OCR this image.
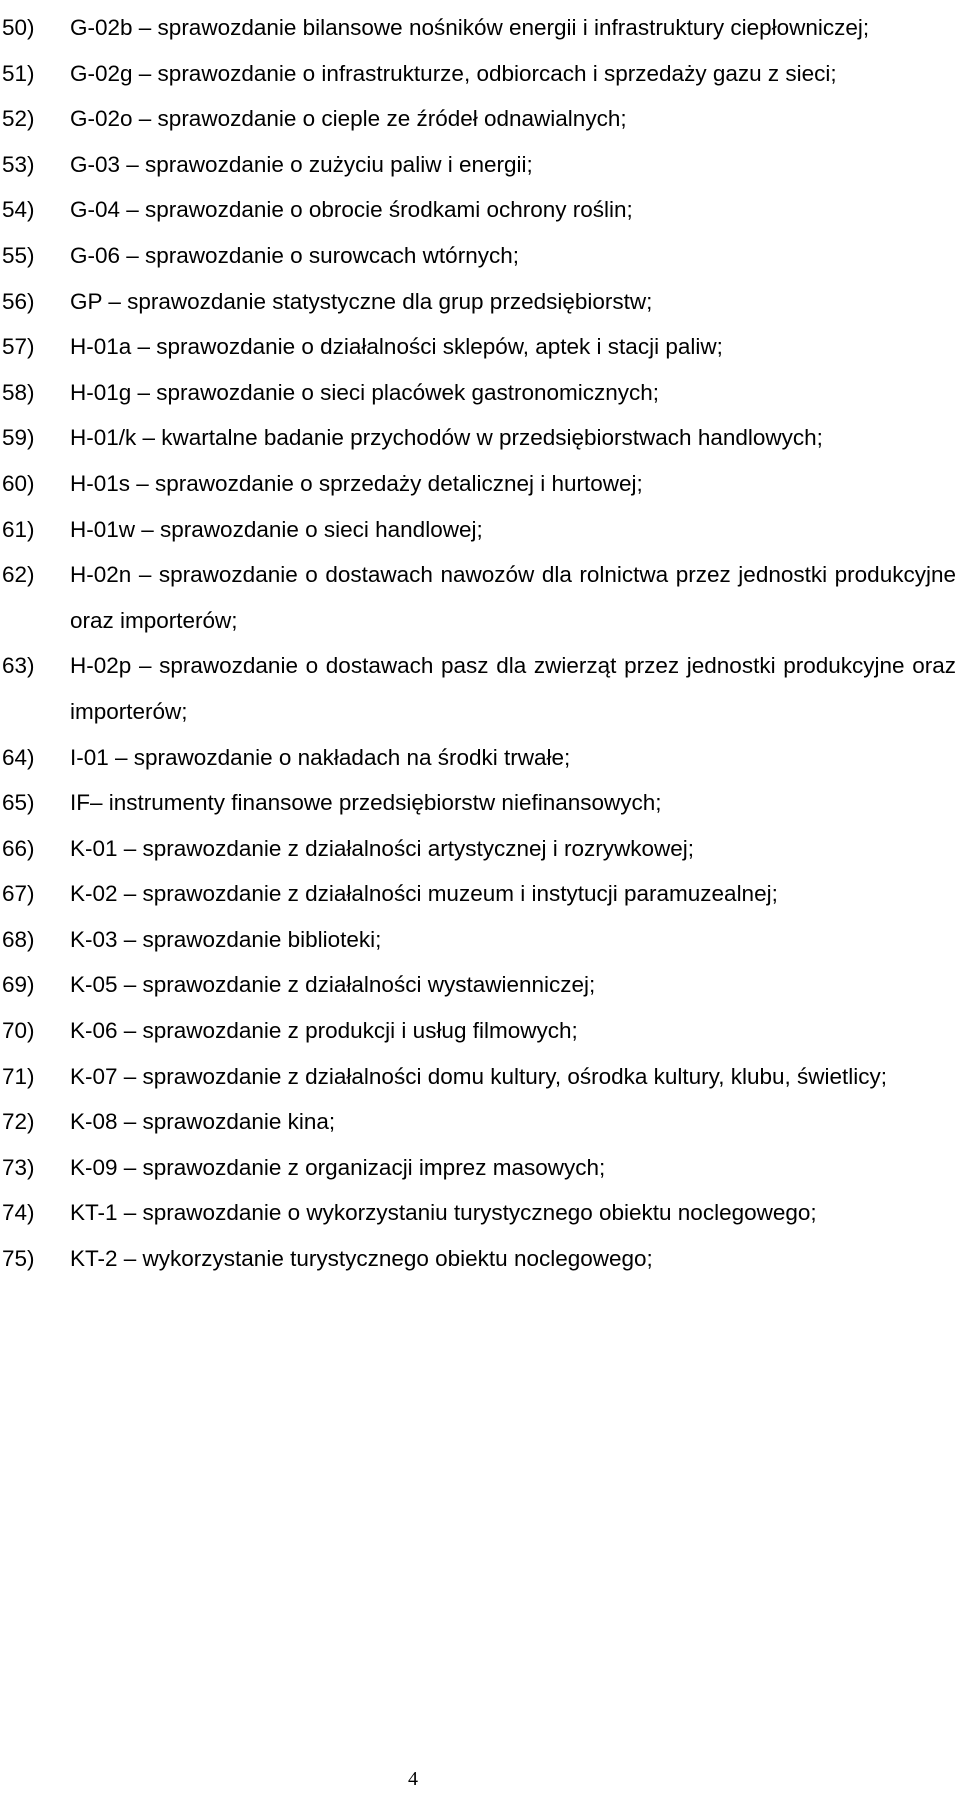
50)	G-02b – sprawozdanie bilansowe nośników energii i infrastruktury ciepłowniczej;
51)	G-02g – sprawozdanie o infrastrukturze, odbiorcach i sprzedaży gazu z sieci;
52)	G-02o – sprawozdanie o cieple ze źródeł odnawialnych;
53)	G-03 – sprawozdanie o zużyciu paliw i energii;
54)	G-04 – sprawozdanie o obrocie środkami ochrony roślin;
55)	G-06 – sprawozdanie o surowcach wtórnych;
56)	GP – sprawozdanie statystyczne dla grup przedsiębiorstw;
57)	H-01a – sprawozdanie o działalności sklepów, aptek i stacji paliw;
58)	H-01g – sprawozdanie o sieci placówek gastronomicznych;
59)	H-01/k – kwartalne badanie przychodów w przedsiębiorstwach handlowych;
60)	H-01s – sprawozdanie o sprzedaży detalicznej i hurtowej;
61)	H-01w – sprawozdanie o sieci handlowej;
62)	H-02n – sprawozdanie o dostawach nawozów dla rolnictwa przez jednostki produkcyjne oraz importerów;
63)	H-02p – sprawozdanie o dostawach pasz dla zwierząt przez jednostki produkcyjne oraz importerów;
64)	I-01 – sprawozdanie o nakładach na środki trwałe;
65)	IF– instrumenty finansowe przedsiębiorstw niefinansowych;
66)	K-01 – sprawozdanie z działalności artystycznej i rozrywkowej;
67)	K-02 – sprawozdanie z działalności muzeum i instytucji paramuzealnej;
68)	K-03 – sprawozdanie biblioteki;
69)	K-05 – sprawozdanie z działalności wystawienniczej;
70)	K-06 – sprawozdanie z produkcji i usług filmowych;
71)	K-07 – sprawozdanie z działalności domu kultury, ośrodka kultury, klubu, świetlicy;
72)	K-08 – sprawozdanie kina;
73)	K-09 – sprawozdanie z organizacji imprez masowych;
74)	KT-1 – sprawozdanie o wykorzystaniu turystycznego obiektu noclegowego;
75)	KT-2 – wykorzystanie turystycznego obiektu noclegowego;
4
